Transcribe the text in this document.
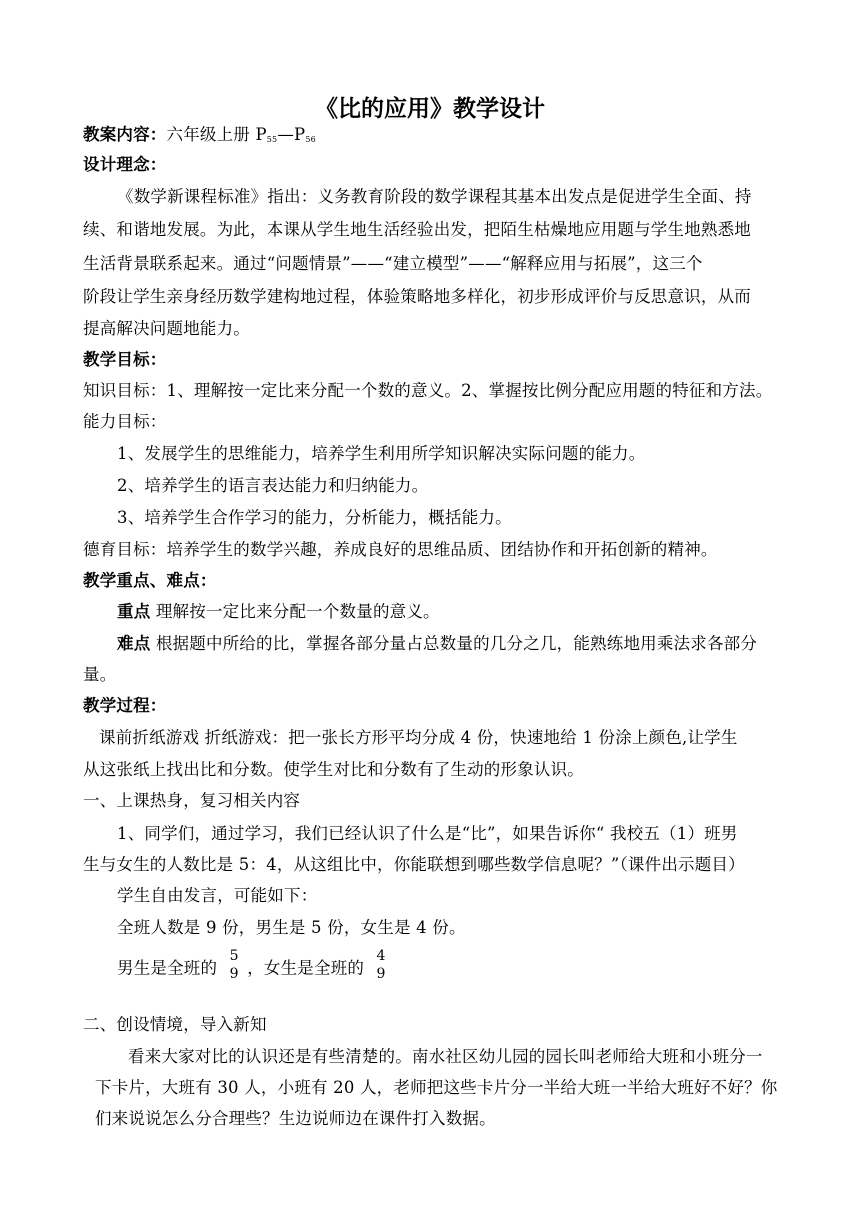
《比的应用》教学设计
教案内容：六年级上册 $P_{55}—P_{56}$
设计理念：
《数学新课程标准》指出：义务教育阶段的数学课程其基本出发点是促进学生全面、持
续、和谐地发展。为此，本课从学生地生活经验出发，把陌生枯燥地应用题与学生地熟悉地
生活背景联系起来。通过“问题情景”——“建立模型”——“解释应用与拓展”，这三个
阶段让学生亲身经历数学建构地过程，体验策略地多样化，初步形成评价与反思意识，从而
提高解决问题地能力。
教学目标：
知识目标：1、理解按一定比来分配一个数的意义。2、掌握按比例分配应用题的特征和方法。
能力目标：
1、发展学生的思维能力，培养学生利用所学知识解决实际问题的能力。
2、培养学生的语言表达能力和归纳能力。
3、培养学生合作学习的能力，分析能力，概括能力。
德育目标：培养学生的数学兴趣，养成良好的思维品质、团结协作和开拓创新的精神。
教学重点、难点：
重点 理解按一定比来分配一个数量的意义。
难点 根据题中所给的比，掌握各部分量占总数量的几分之几，能熟练地用乘法求各部分
量。
教学过程：
课前折纸游戏 折纸游戏：把一张长方形平均分成 4 份，快速地给 1 份涂上颜色,让学生
从这张纸上找出比和分数。使学生对比和分数有了生动的形象认识。
一、上课热身，复习相关内容
1、同学们，通过学习，我们已经认识了什么是“比”，如果告诉你“ 我校五（1）班男
生与女生的人数比是 5：4，从这组比中，你能联想到哪些数学信息呢？”（课件出示题目）
学生自由发言，可能如下：
全班人数是 9 份，男生是 5 份，女生是 4 份。
男生是全班的
5
9 ，女生是全班的
4
9
二、创设情境，导入新知
看来大家对比的认识还是有些清楚的。南水社区幼儿园的园长叫老师给大班和小班分一
下卡片，大班有 30 人，小班有 20 人，老师把这些卡片分一半给大班一半给大班好不好？你
们来说说怎么分合理些？生边说师边在课件打入数据。
